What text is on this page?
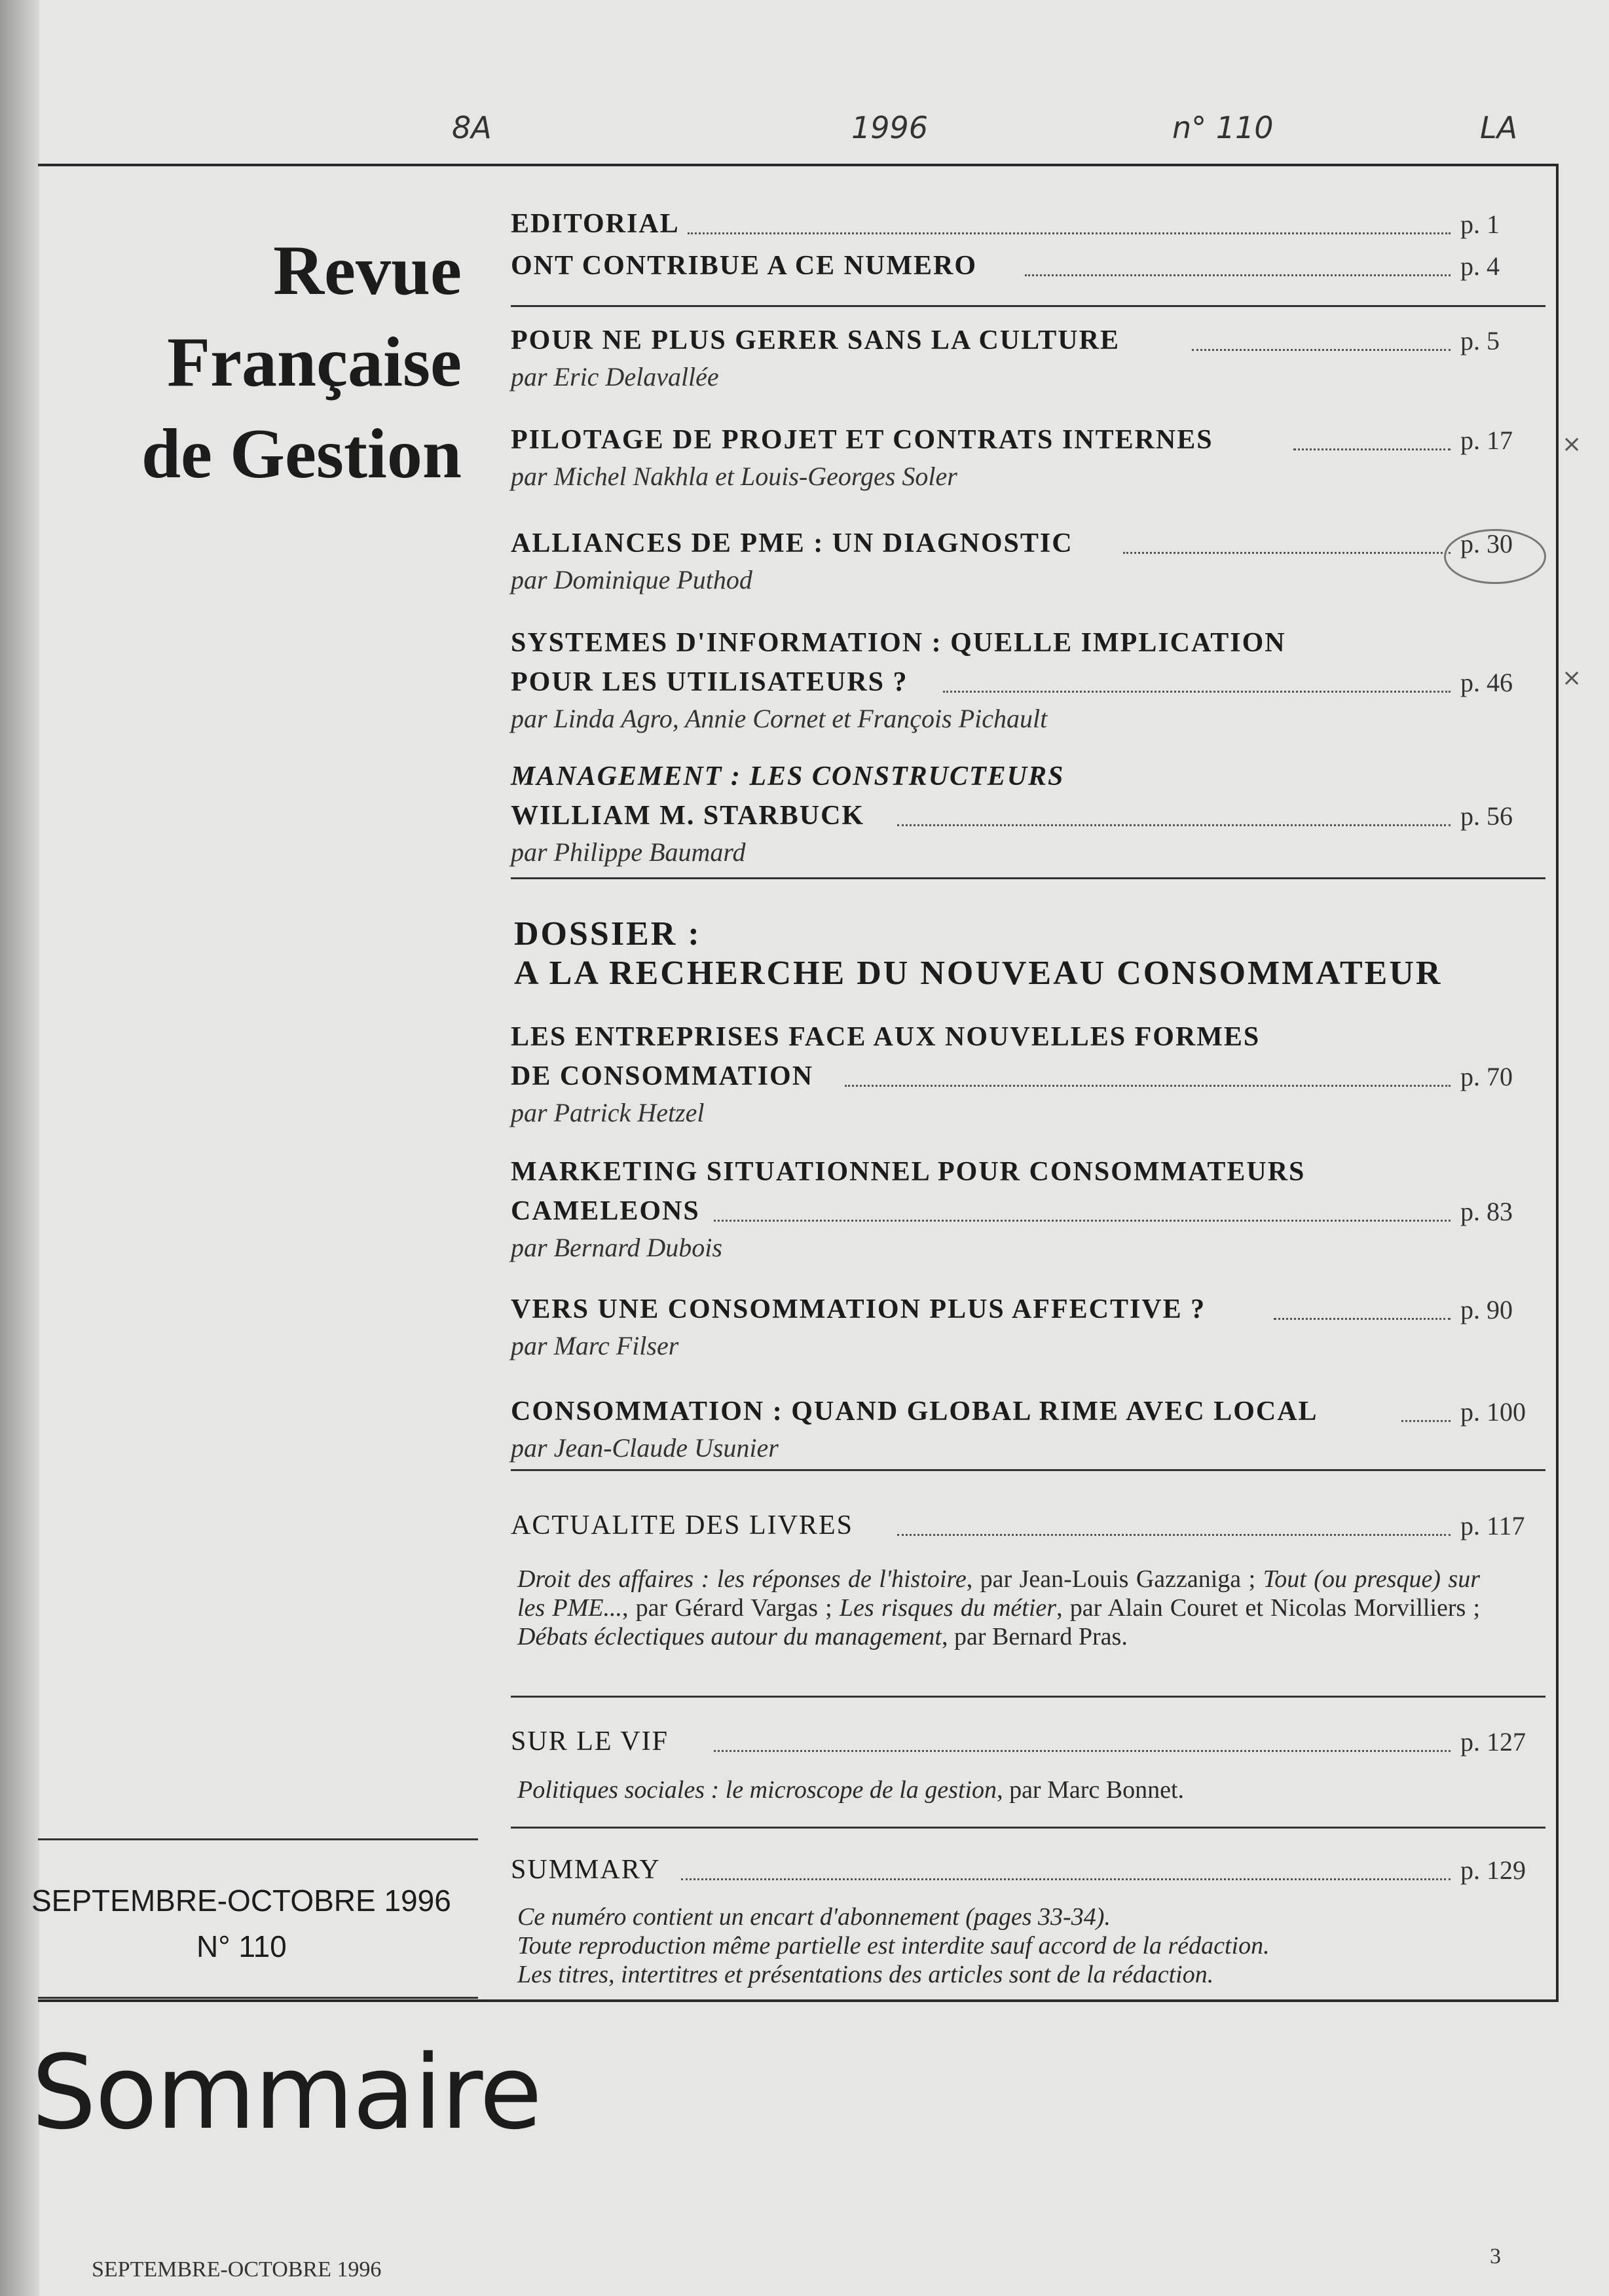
8A	1996	n° 110	LA
Revue
Française
de Gestion
EDITORIAL	p. 1
ONT CONTRIBUE A CE NUMERO	p. 4
POUR NE PLUS GERER SANS LA CULTURE	p. 5
par Eric Delavallée
PILOTAGE DE PROJET ET CONTRATS INTERNES	p. 17
par Michel Nakhla et Louis-Georges Soler
×
ALLIANCES DE PME : UN DIAGNOSTIC	p. 30
par Dominique Puthod
SYSTEMES D'INFORMATION : QUELLE IMPLICATION
POUR LES UTILISATEURS ?	p. 46
par Linda Agro, Annie Cornet et François Pichault
×
MANAGEMENT : LES CONSTRUCTEURS
WILLIAM M. STARBUCK	p. 56
par Philippe Baumard
DOSSIER :
A LA RECHERCHE DU NOUVEAU CONSOMMATEUR
LES ENTREPRISES FACE AUX NOUVELLES FORMES
DE CONSOMMATION	p. 70
par Patrick Hetzel
MARKETING SITUATIONNEL POUR CONSOMMATEURS
CAMELEONS	p. 83
par Bernard Dubois
VERS UNE CONSOMMATION PLUS AFFECTIVE ?	p. 90
par Marc Filser
CONSOMMATION : QUAND GLOBAL RIME AVEC LOCAL	p. 100
par Jean-Claude Usunier
ACTUALITE DES LIVRES	p. 117
Droit des affaires : les réponses de l'histoire, par Jean-Louis Gazzaniga ; Tout (ou presque) sur les PME..., par Gérard Vargas ; Les risques du métier, par Alain Couret et Nicolas Morvilliers ; Débats éclectiques autour du management, par Bernard Pras.
SUR LE VIF	p. 127
Politiques sociales : le microscope de la gestion, par Marc Bonnet.
SUMMARY	p. 129
Ce numéro contient un encart d'abonnement (pages 33-34).
Toute reproduction même partielle est interdite sauf accord de la rédaction.
Les titres, intertitres et présentations des articles sont de la rédaction.
SEPTEMBRE-OCTOBRE 1996
N° 110
Sommaire
SEPTEMBRE-OCTOBRE 1996
3
